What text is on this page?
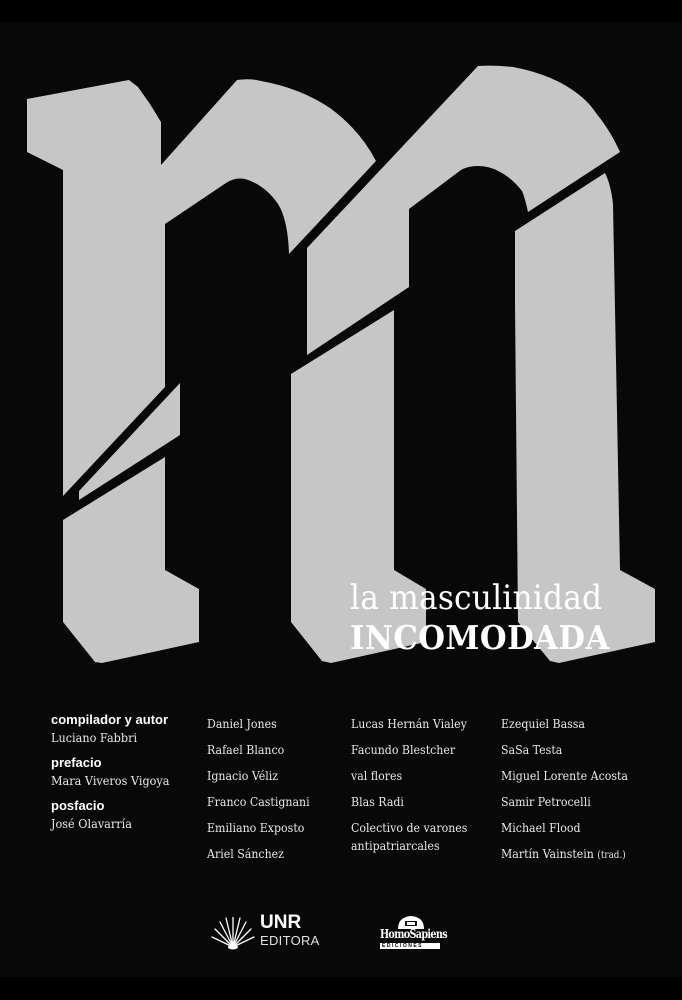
la masculinidad
INCOMODADA
compilador y autor
Luciano Fabbri
prefacio
Mara Viveros Vigoya
posfacio
José Olavarría
Daniel Jones
Rafael Blanco
Ignacio Véliz
Franco Castignani
Emiliano Exposto
Ariel Sánchez
Lucas Hernán Vialey
Facundo Blestcher
val flores
Blas Radi
Colectivo de varones antipatriarcales
Ezequiel Bassa
SaSa Testa
Miguel Lorente Acosta
Samir Petrocelli
Michael Flood
Martín Vainstein (trad.)
UNR
EDITORA	HomoSapiens
EDICIONES
